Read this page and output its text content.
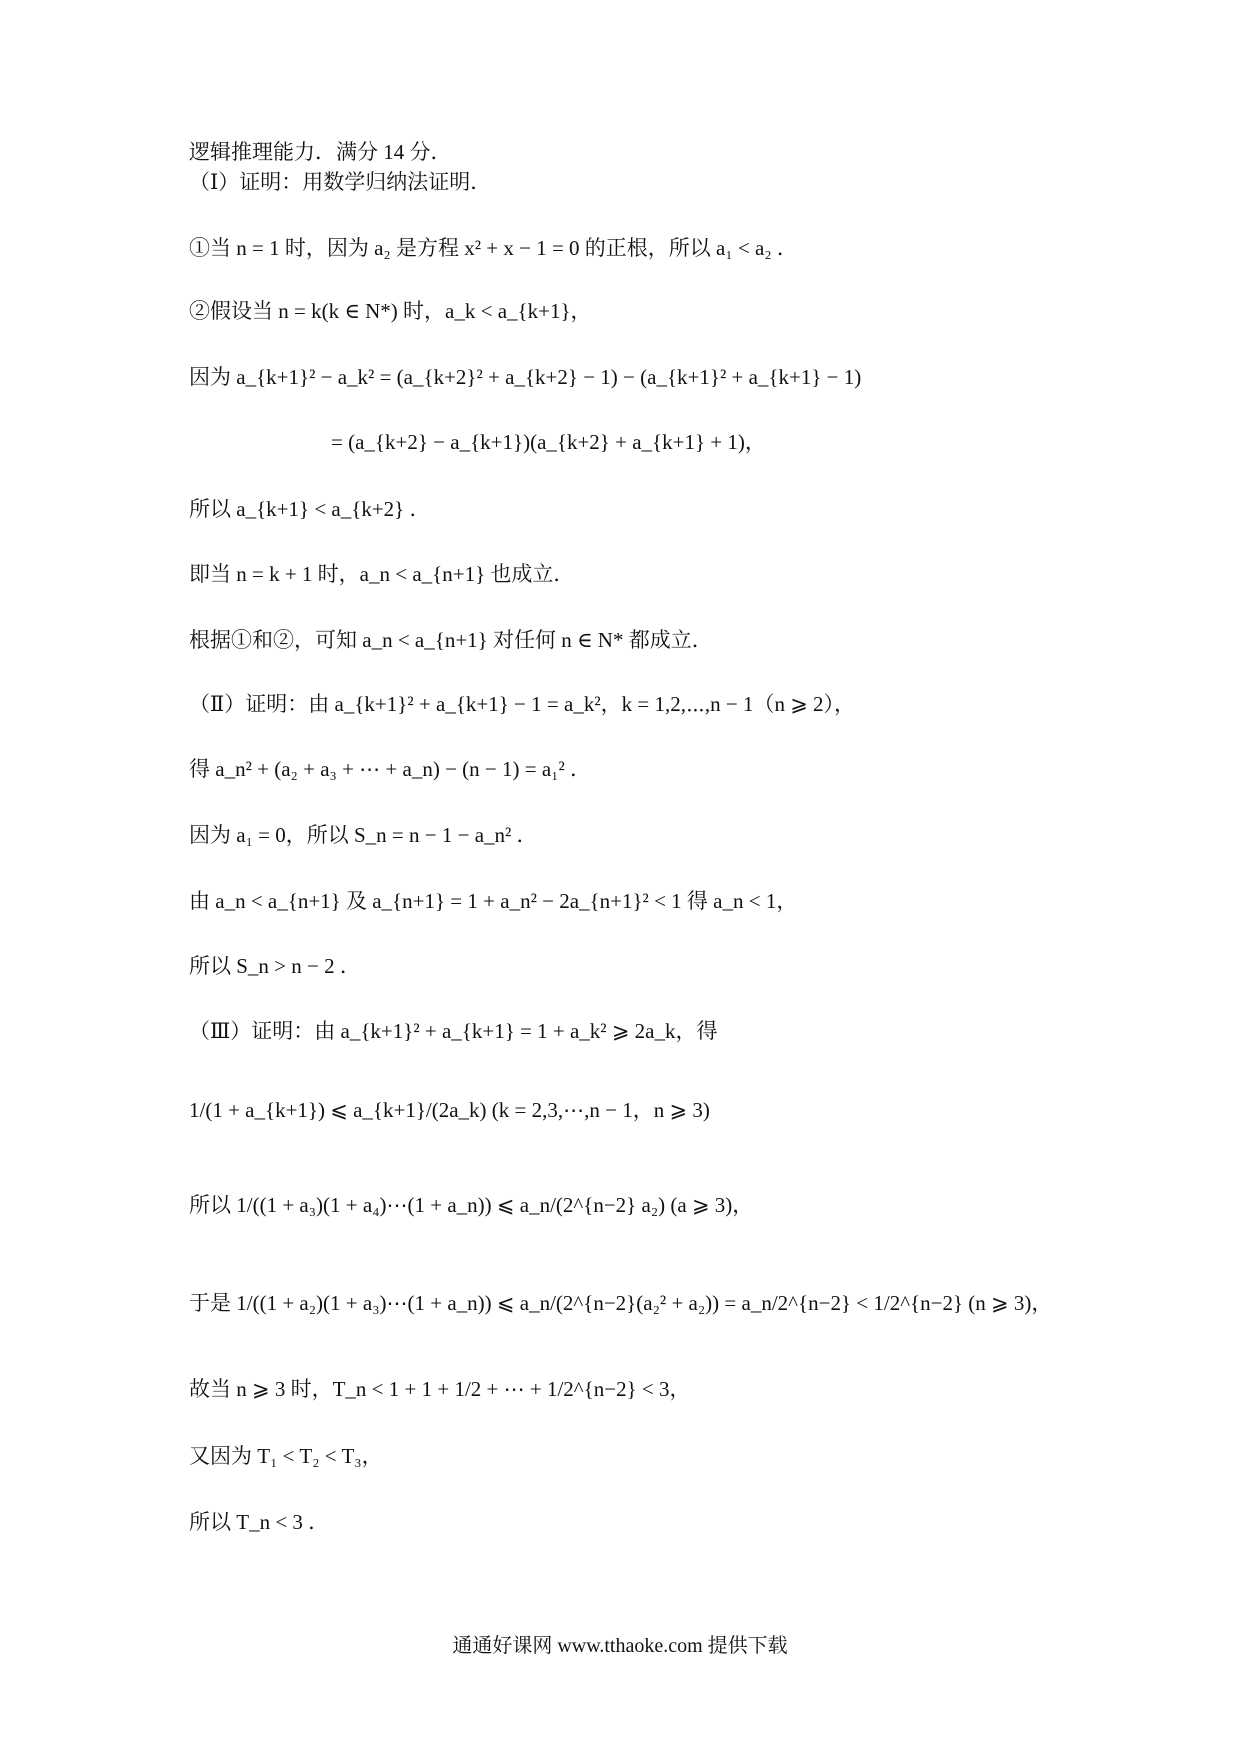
逻辑推理能力．满分 14 分．
（Ⅰ）证明：用数学归纳法证明．
①当 n = 1 时，因为 a₂ 是方程 x² + x − 1 = 0 的正根，所以 a₁ < a₂ ．
②假设当 n = k(k ∈ N*) 时，a_k < a_{k+1}，
因为 a_{k+1}² − a_k² = (a_{k+2}² + a_{k+2} − 1) − (a_{k+1}² + a_{k+1} − 1)
= (a_{k+2} − a_{k+1})(a_{k+2} + a_{k+1} + 1)，
所以 a_{k+1} < a_{k+2} ．
即当 n = k + 1 时，a_n < a_{n+1} 也成立．
根据①和②，可知 a_n < a_{n+1} 对任何 n ∈ N* 都成立．
（Ⅱ）证明：由 a_{k+1}² + a_{k+1} − 1 = a_k²，k = 1,2,⋯,n − 1（n ⩾ 2），
得 a_n² + (a₂ + a₃ + ⋯ + a_n) − (n − 1) = a₁² ．
因为 a₁ = 0，所以 S_n = n − 1 − a_n² ．
由 a_n < a_{n+1} 及 a_{n+1} = 1 + a_n² − 2a_{n+1}² < 1 得 a_n < 1，
所以 S_n > n − 2 ．
（Ⅲ）证明：由 a_{k+1}² + a_{k+1} = 1 + a_k² ⩾ 2a_k，得
1/(1 + a_{k+1}) ⩽ a_{k+1}/(2a_k) (k = 2,3,⋯,n − 1，n ⩾ 3)
所以 1/((1 + a₃)(1 + a₄)⋯(1 + a_n)) ⩽ a_n/(2^{n−2} a₂) (a ⩾ 3)，
于是 1/((1 + a₂)(1 + a₃)⋯(1 + a_n)) ⩽ a_n/(2^{n−2}(a₂² + a₂)) = a_n/2^{n−2} < 1/2^{n−2} (n ⩾ 3)，
故当 n ⩾ 3 时，T_n < 1 + 1 + 1/2 + ⋯ + 1/2^{n−2} < 3，
又因为 T₁ < T₂ < T₃，
所以 T_n < 3 ．
通通好课网 www.tthaoke.com 提供下载
